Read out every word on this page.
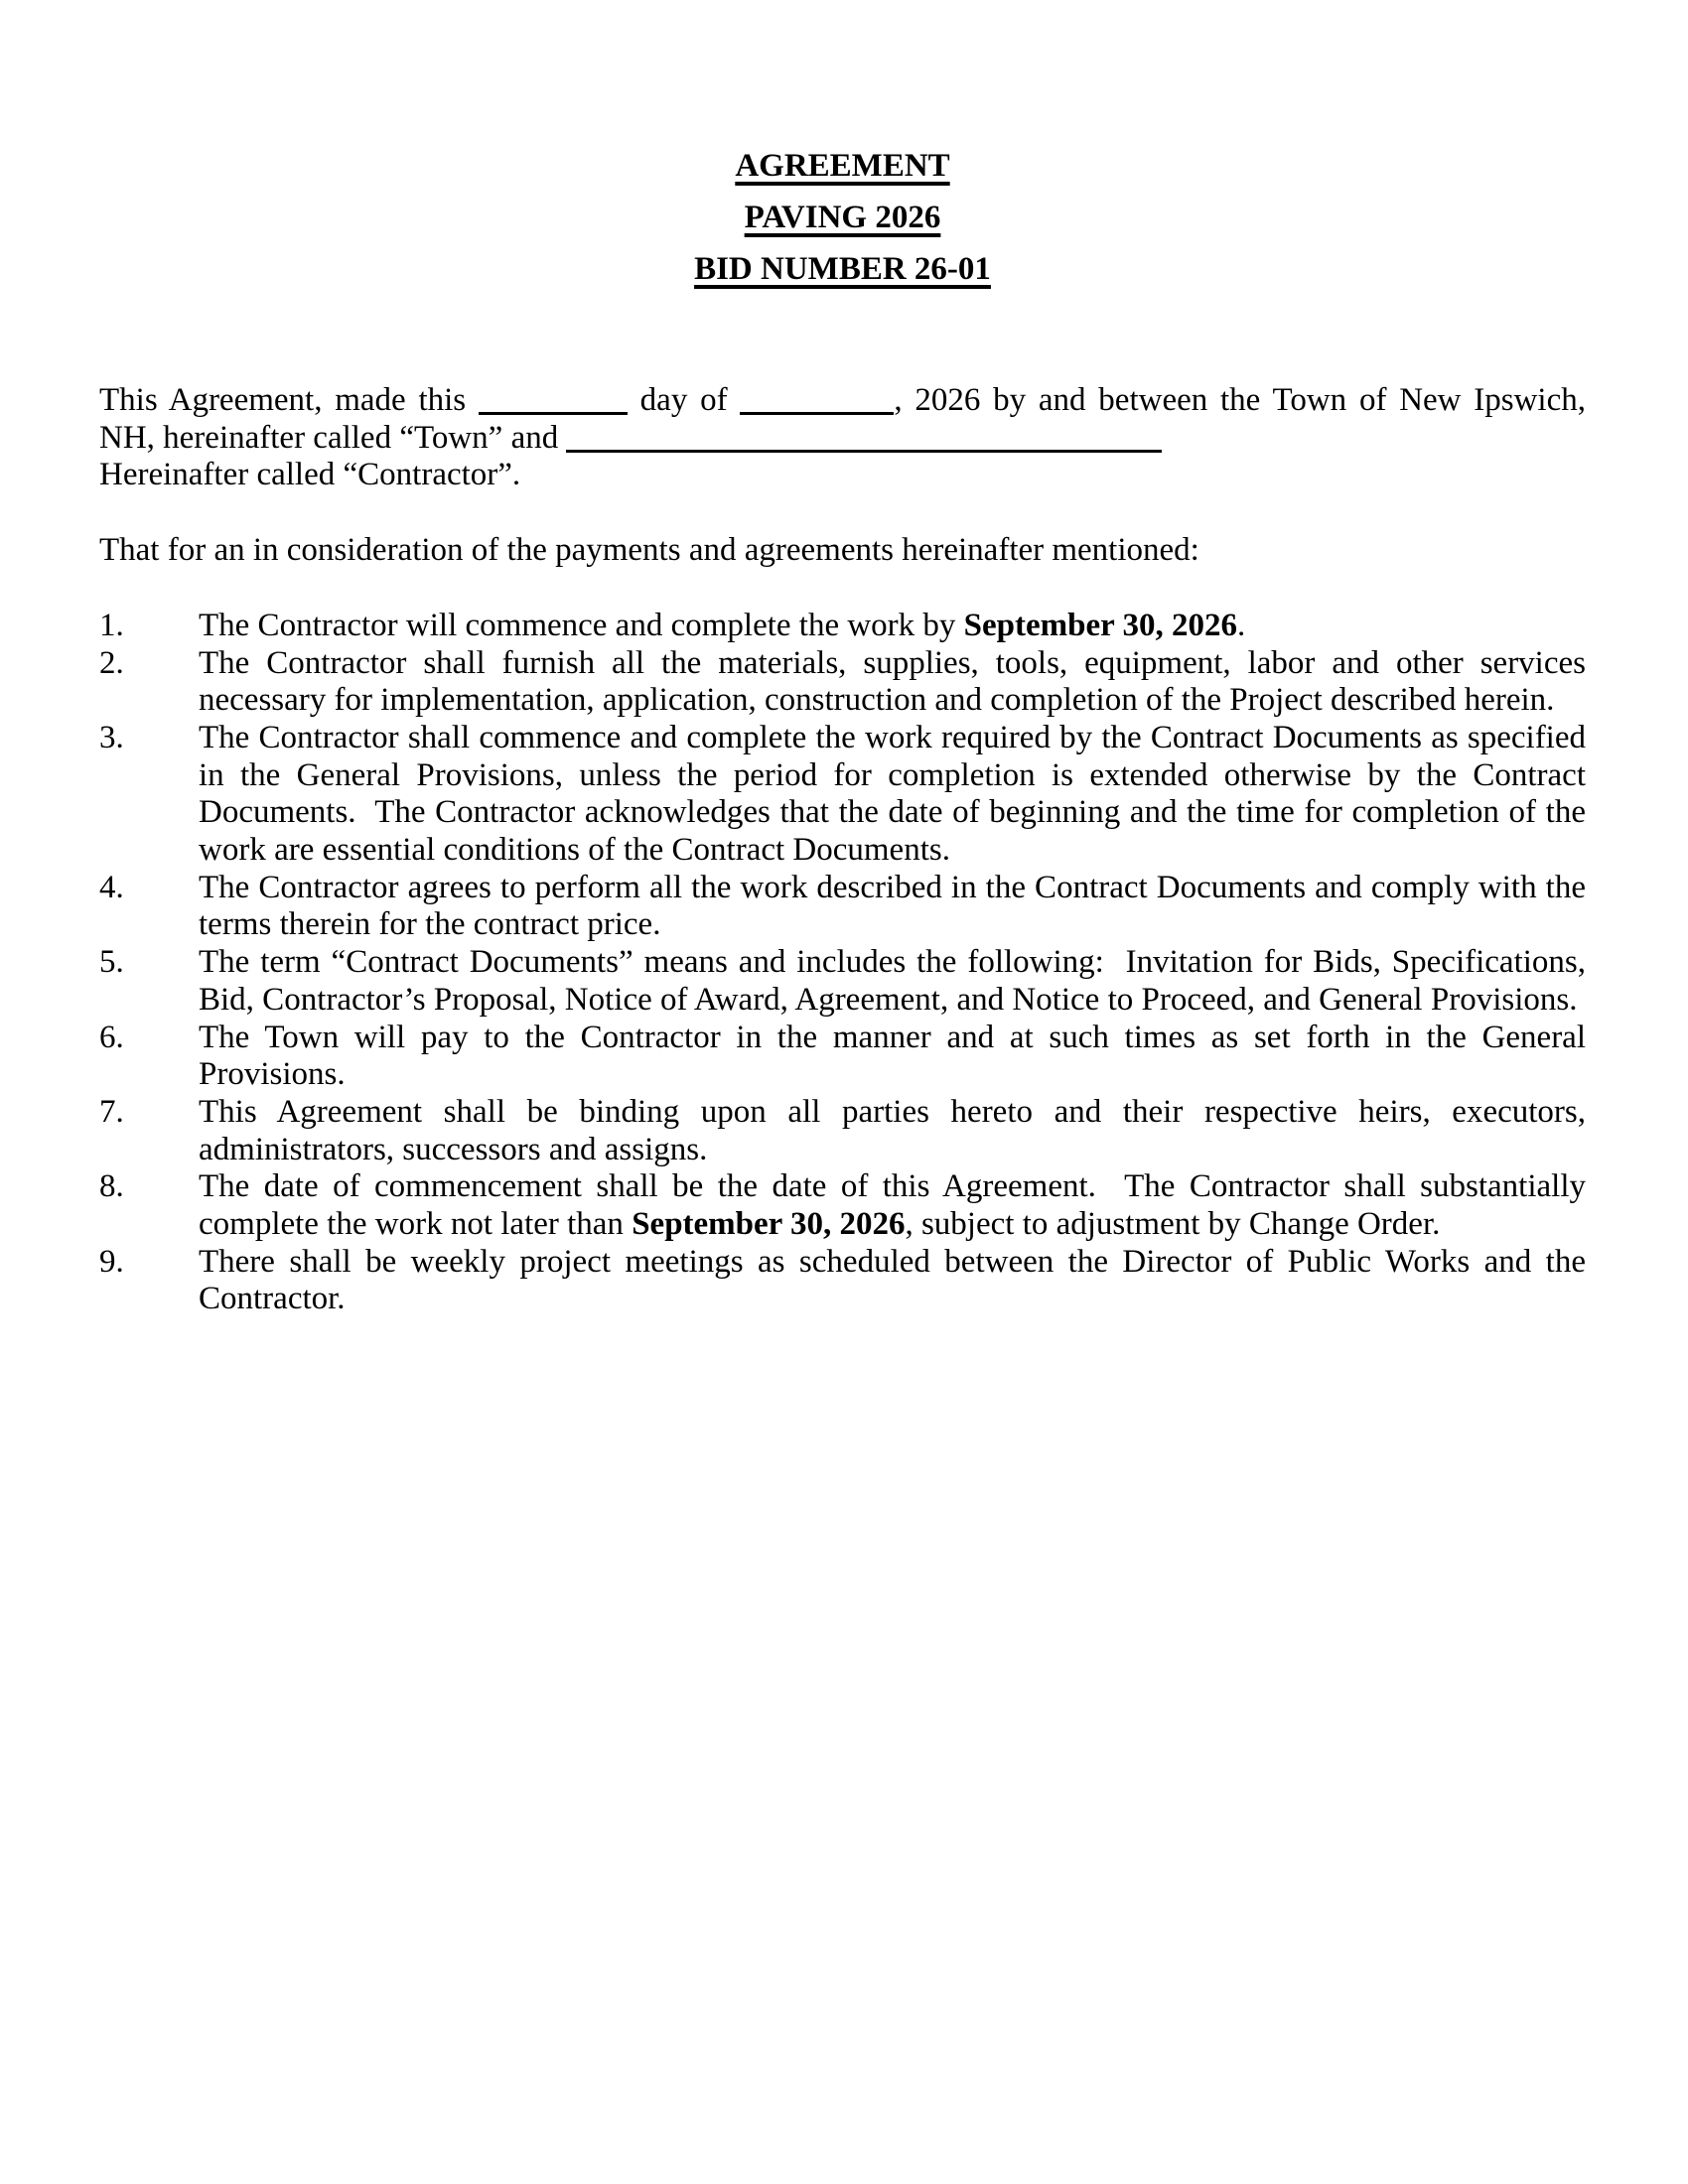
AGREEMENT
PAVING 2026
BID NUMBER 26-01
This Agreement, made this	day of	, 2026 by and between the Town of New Ipswich,
NH, hereinafter called “Town” and
Hereinafter called “Contractor”.

That for an in consideration of the payments and agreements hereinafter mentioned:

1. The Contractor will commence and complete the work by September 30, 2026.
2. The Contractor shall furnish all the materials, supplies, tools, equipment, labor and other services necessary for implementation, application, construction and completion of the Project described herein.
3. The Contractor shall commence and complete the work required by the Contract Documents as specified in the General Provisions, unless the period for completion is extended otherwise by the Contract Documents.  The Contractor acknowledges that the date of beginning and the time for completion of the work are essential conditions of the Contract Documents.
4. The Contractor agrees to perform all the work described in the Contract Documents and comply with the terms therein for the contract price.
5. The term “Contract Documents” means and includes the following:  Invitation for Bids, Specifications, Bid, Contractor’s Proposal, Notice of Award, Agreement, and Notice to Proceed, and General Provisions.
6. The Town will pay to the Contractor in the manner and at such times as set forth in the General Provisions.
7. This Agreement shall be binding upon all parties hereto and their respective heirs, executors, administrators, successors and assigns.
8. The date of commencement shall be the date of this Agreement.  The Contractor shall substantially complete the work not later than September 30, 2026, subject to adjustment by Change Order.
9. There shall be weekly project meetings as scheduled between the Director of Public Works and the Contractor.
